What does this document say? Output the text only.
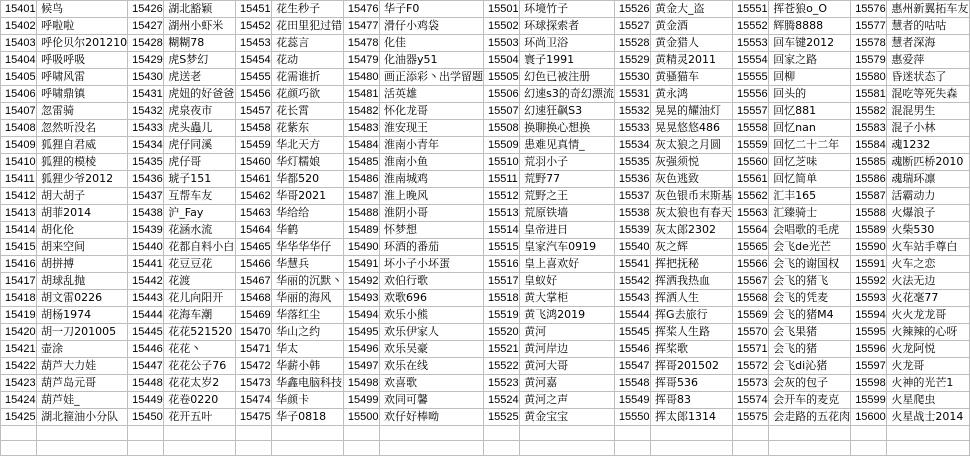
15401	候鸟	15426	湖北豁颖	15451	花生秒子	15476	华子F0	15501	环境竹子	15526	黄金大_盗	15551	挥苍狼o_O	15576	惠州新翼拓车友
15402	呼啦啦	15427	湖州小虾米	15452	花田里犯过错	15477	滑仔小鸡袋	15502	环球探索者	15527	黄金酒	15552	辉腾8888	15577	慧者的咕咕
15403	呼伦贝尔201210	15428	糊糊78	15453	花蕊言	15478	化佳	15503	环尚卫浴	15528	黄金猎人	15553	回车键2012	15578	慧者深海
15404	呼吸呼吸	15429	虎S梦幻	15454	花动	15479	化油器y51	15504	寰子1991	15529	黄精灵2011	15554	回家之路	15579	惠爱萍
15405	呼啸风雷	15430	虎送老	15455	花需谁折	15480	画正添彩丶出学留题	15505	幻色已被注册	15530	黄骚猫车	15555	回柳	15580	昏迷状态了
15406	呼啸鼎镇	15431	虎妞的好爸爸	15456	花颜巧欲	15481	活英雄	15506	幻速s3的奇幻漂流	15531	黄永鸿	15556	回头的	15581	混吃等死失森
15407	忽雷骑	15432	虎泉夜市	15457	花长霄	15482	怀化龙哥	15507	幻速狂飙S3	15532	晃晃的耀油灯	15557	回忆881	15582	混混男生
15408	忽然听没名	15433	虎头蟲儿	15458	花紫东	15483	淮安现王	15508	换聊换心想换	15533	晃晃悠悠486	15558	回忆nan	15583	混子小林
15409	狐狸自君威	15434	虎仔同溪	15459	华北天方	15484	淮南小青年	15509	患难见真情_	15534	灰太狼之月圆	15559	回忆二十二年	15584	魂1232
15410	狐狸的模棱	15435	虎仔哥	15460	华灯糯娘	15485	淮南小鱼	15510	荒羽小子	15535	灰强须悦	15560	回忆芝味	15585	魂断匹桥2010
15411	狐狸少爷2012	15436	琥子151	15461	华都520	15486	淮南城鸡	15511	荒野77	15536	灰色逃致	15561	回忆简单	15586	魂瑞环凛
15412	胡大胡子	15437	互帮车友	15462	华哥2021	15487	淮上晚风	15512	荒野之王	15537	灰色银币末斯基	15562	汇丰165	15587	活霸动力
15413	胡菲2014	15438	沪_Fay	15463	华给给	15488	淮阴小哥	15513	荒原铁墙	15538	灰太狼也有春天	15563	汇臻骑士	15588	火爆浪子
15414	胡化伦	15439	花涵水流	15464	华鹤	15489	怀梦想	15514	皇帝进日	15539	灰太郎2302	15564	会唱歌的毛虎	15589	火柴530
15415	胡来空间	15440	花都自料小白	15465	华华华华仔	15490	环酒的番茄	15515	皇家汽车0919	15540	灰之辉	15565	会飞de光芒	15590	火车站手尊白
15416	胡拼搏	15441	花豆豆花	15466	华慧兵	15491	坏小子小坏蛋	15516	皇上喜欢好	15541	挥把抚秘	15566	会飞的谢国权	15591	火车之恋
15417	胡球乱抛	15442	花渡	15467	华丽的沉默丶	15492	欢伯行歌	15517	皇蚁好	15542	挥洒我热血	15567	会飞的猪飞	15592	火法无边
15418	胡文雷0226	15443	花儿向阳开	15468	华丽的海风	15493	欢歌696	15518	黄大掌柜	15543	挥洒人生	15568	会飞的凭麦	15593	火花毫77
15419	胡杨1974	15444	花海车潮	15469	华落红尘	15494	欢乐小熊	15519	黄飞鸿2019	15544	挥G去旅行	15569	会飞的猪M4	15594	火火龙龙哥
15420	胡一刀201005	15445	花花521520	15470	华山之约	15495	欢乐伊家人	15520	黄河	15545	挥桨人生路	15570	会飞果猪	15595	火辣辣的心呀
15421	壶涂	15446	花花丶	15471	华太	15496	欢乐吴豪	15521	黄河岸边	15546	挥桨歌	15571	会飞的猪	15596	火龙阿悦
15422	葫芦大力娃	15447	花花公子76	15472	华薪小韩	15497	欢乐在线	15522	黄河大哥	15547	挥哥201502	15572	会飞di沁猪	15597	火龙哥
15423	葫芦岛元哥	15448	花花太岁2	15473	华鑫电脑科技	15498	欢喜歌	15523	黄河嘉	15548	挥哥536	15573	会灰的包子	15598	火神的光芒1
15424	葫芦娃_	15449	花卷0220	15474	华颜卡	15499	欢同可馨	15524	黄河之声	15549	挥哥83	15574	会开车的麦克	15599	火星爬虫
15425	湖北箍油小分队	15450	花开五叶	15475	华子0818	15500	欢仔好棒呦	15525	黄金宝宝	15550	挥太郎1314	15575	会走路的五花肉	15600	火星战士2014
